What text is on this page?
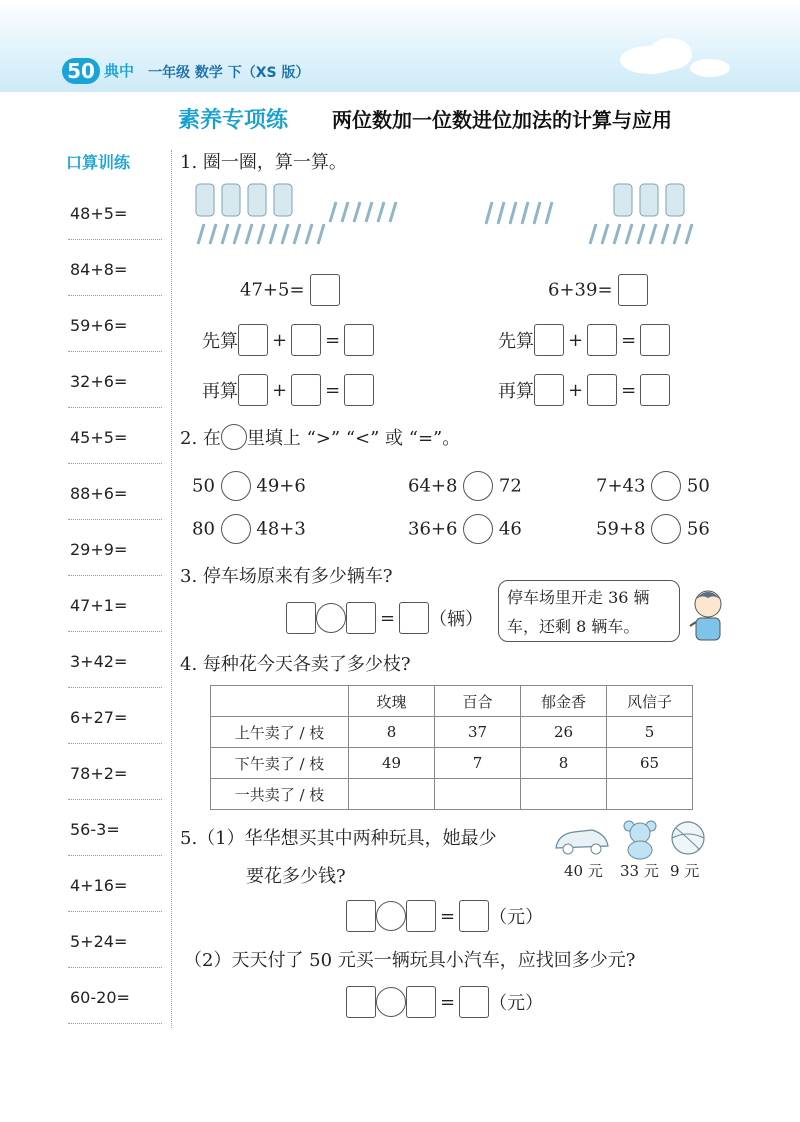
50 典中 一年级 数学 下（XS 版）
素养专项练 两位数加一位数进位加法的计算与应用
口算训练
48+5=
84+8=
59+6=
32+6=
45+5=
88+6=
29+9=
47+1=
3+42=
6+27=
78+2=
56-3=
4+16=
5+24=
60-20=
1. 圈一圈，算一算。
47+5=	6+39=
先算 + =	先算 + =
再算 + =	再算 + =
2. 在 里填上 “>” “<” 或 “=”。
50 49+6	64+8 72	7+43 50
80 48+3	36+6 46	59+8 56
3. 停车场原来有多少辆车?
= （辆）
停车场里开走 36 辆
车，还剩 8 辆车。
4. 每种花今天各卖了多少枝?
	玫瑰	百合	郁金香	风信子
上午卖了 / 枝	8	37	26	5
下午卖了 / 枝	49	7	8	65
一共卖了 / 枝				
5.（1）华华想买其中两种玩具，她最少
要花多少钱?	40 元 33 元 9 元
= （元）
（2）天天付了 50 元买一辆玩具小汽车，应找回多少元?
= （元）
